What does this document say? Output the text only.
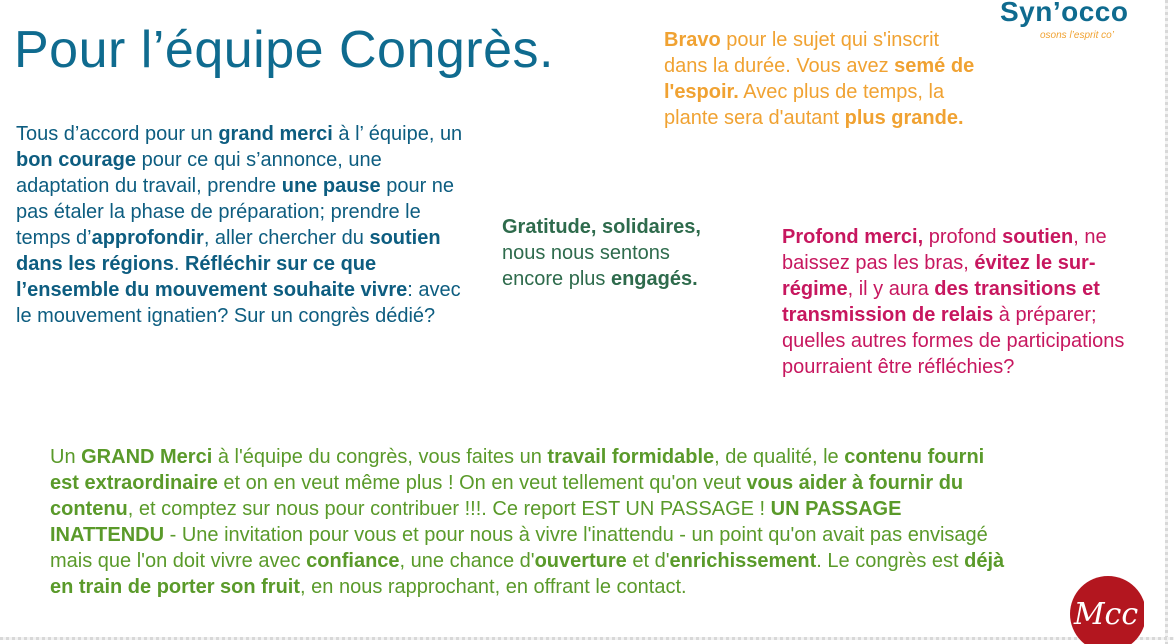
Pour l’équipe Congrès.

Syn’occo

osons l’esprit co’

Tous d’accord pour un grand merci à l’ équipe, un bon courage pour ce qui s’annonce, une adaptation du travail, prendre une pause pour ne pas étaler la phase de préparation; prendre le temps d’approfondir, aller chercher du soutien dans les régions. Réfléchir sur ce que l’ensemble du mouvement souhaite vivre: avec le mouvement ignatien? Sur un congrès dédié?

Bravo pour le sujet qui s'inscrit dans la durée. Vous avez semé de l'espoir. Avec plus de temps, la plante sera d'autant plus grande.

Gratitude, solidaires, nous nous sentons encore plus engagés.

Profond merci, profond soutien, ne baissez pas les bras, évitez le sur-régime, il y aura des transitions et transmission de relais à préparer; quelles autres formes de participations pourraient être réfléchies?

Un GRAND Merci à l'équipe du congrès, vous faites un travail formidable, de qualité, le contenu fourni est extraordinaire et on en veut même plus ! On en veut tellement qu'on veut vous aider à fournir du contenu, et comptez sur nous pour contribuer !!!. Ce report EST UN PASSAGE ! UN PASSAGE INATTENDU - Une invitation pour vous et pour nous à vivre l'inattendu - un point qu'on avait pas envisagé mais que l'on doit vivre avec confiance, une chance d'ouverture et d'enrichissement. Le congrès est déjà en train de porter son fruit, en nous rapprochant, en offrant le contact.

Mcc
